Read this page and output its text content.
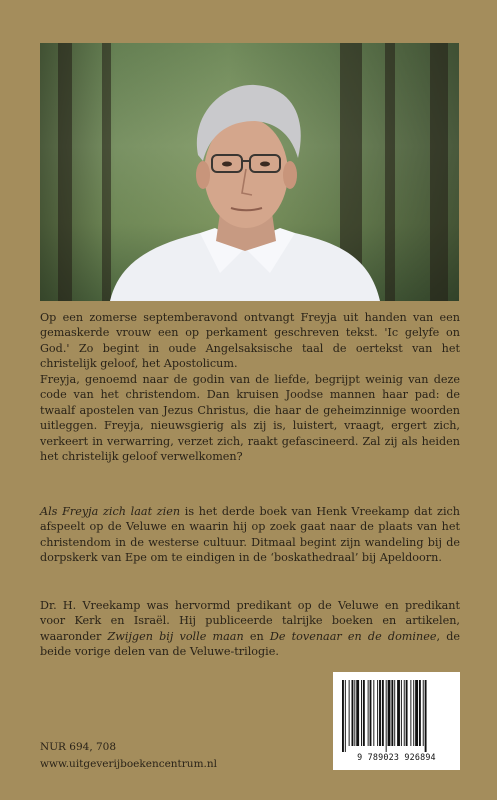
Op een zomerse septemberavond ontvangt Freyja uit handen van een gemaskerde vrouw een op perkament geschreven tekst. 'Ic gelyfe on God.' Zo begint in oude Angelsaksische taal de oertekst van het christelijk geloof, het Apostolicum.

Freyja, genoemd naar de godin van de liefde, begrijpt weinig van deze code van het christendom. Dan kruisen Joodse mannen haar pad: de twaalf apostelen van Jezus Christus, die haar de geheimzinnige woorden uitleggen. Freyja, nieuwsgierig als zij is, luistert, vraagt, ergert zich, verkeert in verwarring, verzet zich, raakt gefascineerd. Zal zij als heiden het christelijk geloof verwelkomen?

Als Freyja zich laat zien is het derde boek van Henk Vreekamp dat zich afspeelt op de Veluwe en waarin hij op zoek gaat naar de plaats van het christendom in de westerse cultuur. Ditmaal begint zijn wandeling bij de dorpskerk van Epe om te eindigen in de ‘boskathedraal’ bij Apeldoorn.

Dr. H. Vreekamp was hervormd predikant op de Veluwe en predikant voor Kerk en Israël. Hij publiceerde talrijke boeken en artikelen, waaronder Zwijgen bij volle maan en De tovenaar en de dominee, de beide vorige delen van de Veluwe-trilogie.

NUR 694, 708
www.uitgeverijboekencentrum.nl
9 789023 926894
